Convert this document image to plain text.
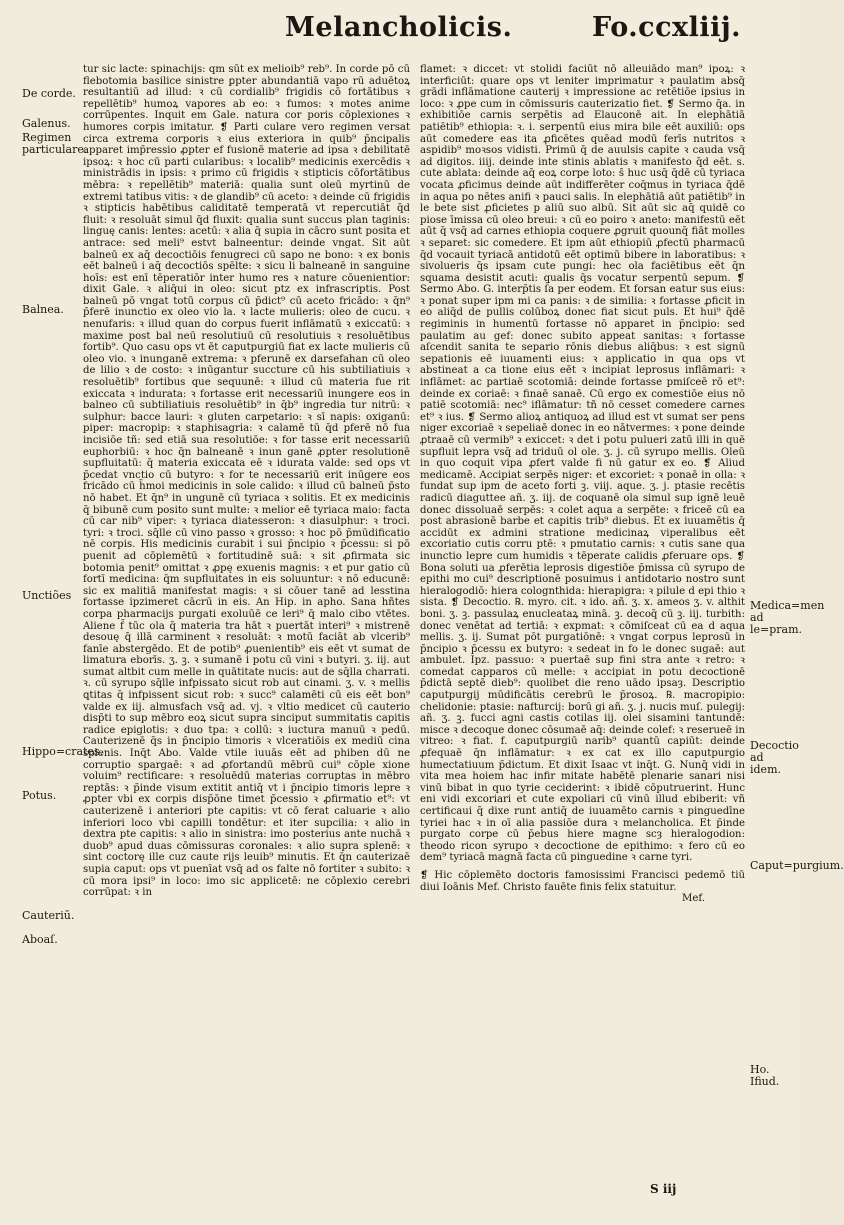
Melancholicis.	Fo.ccxliij.
De corde.
Galenus.
Regimen particulare.
Balnea.
Unctiões
Hippo=crates.
Potus.
Cauteriū.
Aboaſ.

tur sic lacte: spinachijs: qm sūt ex melioib⁹ reb⁹. In corde pō cū flebotomia basilice sinistre ꝑpter abundantiā vapo rū aduētoꝝ resultantiū ad illud: ꝛ cū cordialib⁹ frigidis cō fortātibus ꝛ repellētib⁹ humoꝝ vapores ab eo: ꝛ fumos: ꝛ motes anime corrūpentes. Inquit em Gale. natura cor poris cōplexiones ꝛ humores corpis imitatur. ❡ Parti culare vero regimen versat circa extrema corporis ꝛ eius exteriora in quib⁹ p̄ncipalis apparet imp̄ressio ꝓpter ef fusionē materie ad ipsa ꝛ debilitatē ipsoꝝ: ꝛ hoc cū parti cularibus: ꝛ localib⁹ medicinis exercēdis ꝛ ministrādis in ipsis: ꝛ primo cū frigidis ꝛ stipticis cōfortātibus mēbra: ꝛ repellētib⁹ materiā: qualia sunt oleū myrtinū de extremi tatibus vitis: ꝛ de glandib⁹ cū aceto: ꝛ deinde cū frigidis ꝛ stipticis habētibus caliditatē temperatā vt repercutiāt q̄d fluit: ꝛ resoluāt simul q̄d fluxit: qualia sunt succus plan taginis: linguę canis: lentes: acetū: ꝛ alia q̄ supia in cācro sunt posita et antrace: sed meli⁹ estvt balneentur: deinde vngat. Sit aūt balneū ex aq̄ decoctiōis fenugreci cū sapo ne bono: ꝛ ex bonis eēt balneū i aq̄ decoctiōs spēlte: ꝛ sicu li balneanē in sanguine hoīs: est enī tēperatiōr inter humo res ꝛ nature cōuenientior: dixit Gale. ꝛ aliq̄ui in oleo: sicut ptz ex infrascriptis. Post balneū pō vngat totū corpus cū p̄dict⁹ cū aceto fricādo: ꝛ q̄n⁹ p̄ferē inunctio ex oleo vio la. ꝛ lacte mulieris: oleo de cucu. ꝛ nenufaris: ꝛ illud quan do corpus fuerit inflāmatū ꝛ exiccatū: ꝛ maxime post bal neū resolutiuū cū resolutiuis ꝛ resoluētibus fortib⁹. Quo casu ops vt ēt caputpurgiū fiat ex lacte mulieris cū oleo vio. ꝛ inunganē extrema: ꝛ pferunē ex darsefahan cū oleo de lilio ꝛ de costo: ꝛ inūgantur succture cū his subtiliatiuis ꝛ resoluētib⁹ fortibus que sequunē: ꝛ illud cū materia fue rit exiccata ꝛ indurata: ꝛ fortasse erit necessariū inungere eos in balneo cū subtiliatiuis resoluētib⁹ in q̄b⁹ ingredia tur nitrū: ꝛ sulphur: bacce lauri: ꝛ gluten carpetario: ꝛ sī napis: oxiganū: piper: macropip: ꝛ staphisagria: ꝛ calamē tū q̄d pferē nō fua incisiōe tñ: sed etiā sua resolutiōe: ꝛ for tasse erit necessariū euphorbiū: ꝛ hoc q̄n balneanē ꝛ inun ganē ꝓpter resolutionē supfluitatū: q̄ materia exiccata eē ꝛ idurata valde: sed ops vt p̄cedat vnctio cū butyro: ꝛ for te necessariū erit inūgere eos fricādo cū h̄moi medicinis in sole calido: ꝛ illud cū balneū p̄sto nō habet. Et q̄n⁹ in ungunē cū tyriaca ꝛ solitis. Et ex medicinis q̄ bibunē cum posito sunt multe: ꝛ melior eē tyriaca maio: facta cū car nib⁹ viper: ꝛ tyriaca diatesseron: ꝛ diasulphur: ꝛ troci. tyri: ꝛ troci. sq̄lle cū vino passo ꝛ grosso: ꝛ hoc pō p̄mūdificatio nē corpis. His medicinis curabit i sui p̄ncipio ꝛ p̄cessu: si pō puenit ad cōplemētū ꝛ fortitudinē suā: ꝛ sit ꝓfirmata sic botomia penit⁹ omittat ꝛ ꝓpę exuenis magnis: ꝛ et pur gatio cū fortī medicina: q̄m supfluitates in eis soluuntur: ꝛ nō educunē: sic ex malitiā manifestat magis: ꝛ si cōuer tanē ad lesstina fortasse ipzimeret cācrū in eis. An Hip. in apho. Sana hñtes corpa pharmacijs purgati exoluūē ce leri⁹ q̄ malo cibo vtētes. Aliene f̄ tūc ola q̄ materia tra hāt ꝛ puertāt interi⁹ ꝛ mistrenē desouę q̄ illā carminent ꝛ resoluāt: ꝛ motū faciāt ab vlcerib⁹ fanīe abstergēdo. Et de potib⁹ ꝓuenientib⁹ eis eēt vt sumat de limatura eborīs. ʒ. ꝫ. ꝛ sumanē i potu cū vini ꝛ butyri. ʒ. iij. aut sumat altbit cum melle in quātitate nucis: aut de sq̄lla charrati. ꝛ. cū syrupo sq̄lle infpissato sicut rob aut cinami. ʒ. v. ꝛ mellis ꝗtitas q̄ infpissent sicut rob: ꝛ succ⁹ calamēti cū eis eēt bon⁹ valde ex iij. almusfach vsq̄ ad. vj. ꝛ vltio medicet cū cauterio disp̄ti to sup mēbro eoꝝ sicut supra sinciput summitatis capitis radice epiglotis: ꝛ duo tpa: ꝛ collū: ꝛ iuctura manuū ꝛ pedū. Cauterizenē q̄s in p̄ncipio timoris ꝛ vlceratiōis ex mediū cina splenis. Inq̄t Abo. Valde vtile iuuās eēt ad phiben dū ne corruptio spargaē: ꝛ ad ꝓfortandū mēbrū cui⁹ cōple xione voluim⁹ rectificare: ꝛ resoluēdū materias corruptas in mēbro reptās: ꝛ p̄inde visum extitit antiq̄ vt i p̄ncipio timoris lepre ꝛ ꝓpter vbi ex corpis disp̄ōne timet p̄cessio ꝛ ꝓfirmatio et⁹: vt cauterizenē i anteriori pte capitis: vt cō ferat caluarie ꝛ alio inferiori loco vbi capilli tondētur: et iter supcilia: ꝛ alio in dextra pte capitis: ꝛ alio in sinistra: imo posterius ante nuchā ꝛ duob⁹ apud duas cōmissuras coronales: ꝛ alio supra splenē: ꝛ sint coctorę ille cuz caute rijs leuib⁹ minutis. Et q̄n cauterizaē supia caput: ops vt puenīat vsq̄ ad os falte nō fortiter ꝛ subito: ꝛ cū mora ipsi⁹ in loco: imo sic applicetē: ne cōplexio cerebri corrūpat: ꝛ in

flamet: ꝛ diccet: vt stolidi faciūt nō alleuiādo man⁹ ipoꝝ: ꝛ interficiūt: quare ops vt leniter imprimatur ꝛ paulatim absq̄ grādi inflāmatione cauterij ꝛ impressione ac retētiōe ipsius in loco: ꝛ ꝓpe cum in cōmissuris cauterizatio fiet. ❡ Sermo q̄a. in exhibitiōe carnis serpētis ad Elauconē ait. In elephātiā patiētib⁹ ethiopia: ꝛ. i. serpentū eius mira bile eēt auxiliū: ops aūt comedere eas ita ꝓficētes quēad modū ferīs nutritos ꝛ aspidib⁹ moꝛsos vidisti. Primū q̄ de auulsis capite ꝛ cauda vsq̄ ad digitos. iiij. deinde inte stinis ablatis ꝛ manifesto q̄d eēt. s. cute ablata: deinde aq̄ eoꝝ corpe loto: s̄ huc usq̄ q̄dē cū tyriaca vocata ꝓficimus deinde aūt indifferēter coq̄mus in tyriaca q̄dē in aqua po nētes anifi ꝛ pauci salis. In elephātiā aūt patiētib⁹ in le bete sist ꝓficietes p aliū suo albū. Sit aūt sic aq̄ quidē co piose īmissa cū oleo breui: ꝛ cū eo poiro ꝛ aneto: manifestū eēt aūt q̄ vsq̄ ad carnes ethiopia coquere ꝓgruit quounq̄ fiāt molles ꝛ separet: sic comedere. Et ipm aūt ethiopiū ꝓfectū pharmacū q̄d vocauit tyriacā antidotū eēt optimū bibere in laboratibus: ꝛ sivolueris q̄s ipsam cute pungi: hec ola faciētibus eēt q̄n squama desistit acuti: qualis q̄s vocatur serpentū sepum. ❡ Sermo Abo. G. interp̄tis ſ̄a per eodem. Et forsan eatur sus eius: ꝛ ponat super ipm mi ca panis: ꝛ de similia: ꝛ fortasse ꝓficit in eo aliq̄d de pullis colūboꝝ donec fiat sicut puls. Et hui⁹ q̄dē regiminis in humentū fortasse nō apparet in p̄ncipio: sed paulatim au gef: donec subito appeat sanitas: ꝛ fortasse aſcendit sanita te separio rōnis diebus aliq̄bus: ꝛ est signū sepationis eē iuuamenti eius: ꝛ applicatio in qua ops vt abstineat a ca tione eius eēt ꝛ incipiat leprosus inflāmari: ꝛ inflāmet: ac partiaē scotomiā: deinde fortasse pmiſceē rō et⁹: deinde ex coriaē: ꝛ finaē sanaē. Cū ergo ex comestiōe eius nō patiē scotomiā: nec⁹ iflāmatur: tñ nō cesset comedere carnes et⁹ ꝛ ius. ❡ Sermo alioꝝ antiquoꝝ ad illud est vt sumat ser pens niger excoriaē ꝛ sepeliaē donec in eo nātvermes: ꝛ pone deinde ꝓtraaē cū vermib⁹ ꝛ exiccet: ꝛ det i potu pulueri zatū illi in quē supfluit lepra vsq̄ ad triduū ol ole. ʒ. j. cū syrupo mellis. Oleū in quo coquit vipa ꝓfert valde fi nū gatur ex eo. ❡ Aliud medicamē. Accipiat serpēs niger: et excoriet: ꝛ ponaē in olla: ꝛ fundat sup ipm de aceto forti ꝫ. viij. aque. ʒ. j. ptasie recētis radicū diaguttee añ. ʒ. iij. de coquanē ola simul sup ignē leuē donec dissoluaē serpēs: ꝛ colet aqua a serpēte: ꝛ friceē cū ea post abrasionē barbe et capitis trib⁹ diebus. Et ex iuuamētis q̄ accidūt ex admini stratione medicinaꝝ viperalibus eēt excoriatio cutis corru ptē: ꝛ pmutatio carnis: ꝛ cutis sane qua inunctio lepre cum humidis ꝛ tēperate calidis ꝓferuare ops. ❡ Bona soluti ua ꝓferētia leprosis digestiōe p̄missa cū syrupo de epithi mo cui⁹ descriptionē posuimus i antidotario nostro sunt hieralogodiō: hiera colognthida: hierapigra: ꝛ pilule d epi thio ꝛ sista. ❡ Decoctio. ℞. myro. cit. ꝛ ido. añ. ʒ. x. ameos ʒ. v. althit boni. ʒ. ꝫ. passulaꝝ enucleataꝝ minā. ꝫ. decoq̄ cū ꝫ. iij. turbith: donec venētat ad tertiā: ꝛ expmat: ꝛ cōmiſceat cū ea d aqua mellis. ʒ. ij. Sumat pōt purgatiōnē: ꝛ vngat corpus leprosū in p̄ncipio ꝛ p̄cessu ex butyro: ꝛ sedeat in fo le donec sugaē: aut ambulet. Ipz. passuo: ꝛ puertaē sup fini stra ante ꝛ retro: ꝛ comedat capparos cū melle: ꝛ accipiat in potu decoctionē p̄dictā septē dieb⁹: quolibet die reno uādo ipsaȝ. Descriptio caputpurgij mūdificātis cerebrū le p̄rosoꝝ. ℞. macropipio: chelidonie: ptasie: nafturcij: borū gi añ. ʒ. j. nucis muſ. pulegij: añ. ʒ. ꝫ. fucci agni castis cotilas iij. olei sisamini tantundē: misce ꝛ decoque donec cōsumaē aq̄: deinde colef: ꝛ reserueē in vitreo: ꝛ fiat. f. caputpurgiū narib⁹ quantū capiūt: deinde ꝓfequaē q̄n inflāmatur: ꝛ ex cat ex illo caputpurgio humectatiuum p̄dictum. Et dixit Isaac vt inq̄t. G. Nunq̄ vidi in vita mea hoiem hac infir mitate habētē plenarie sanari nisi vinū bibat in quo tyrie ceciderint: ꝛ ibidē cōputruerint. Hunc eni vidi excoriari et cute expoliari cū vinū illud ebiberit: vñ certificaui q̄ dixe runt antiq̄ de iuuamēto carnis ꝛ pinguedīne tyriei hac ꝛ in oī alia passiōe dura ꝛ melancholica. Et p̄inde purgato corpe cū p̄ebus hiere magne scȝ hieralogodion: theodo ricon syrupo ꝛ decoctione de epithimo: ꝛ fero cū eo dem⁹ tyriacā magnā facta cū pinguedine ꝛ carne tyri.

❡ Hic cōplemēto doctoris famosissimi Francisci pedemō tiū diui Ioānis Mef. Christo fauēte finis felix statuitur.

Mef.

Medica=men ad le=pram.
Decoctio ad idem.
Caput=purgium.
Ho. Ifiud.
S iij
